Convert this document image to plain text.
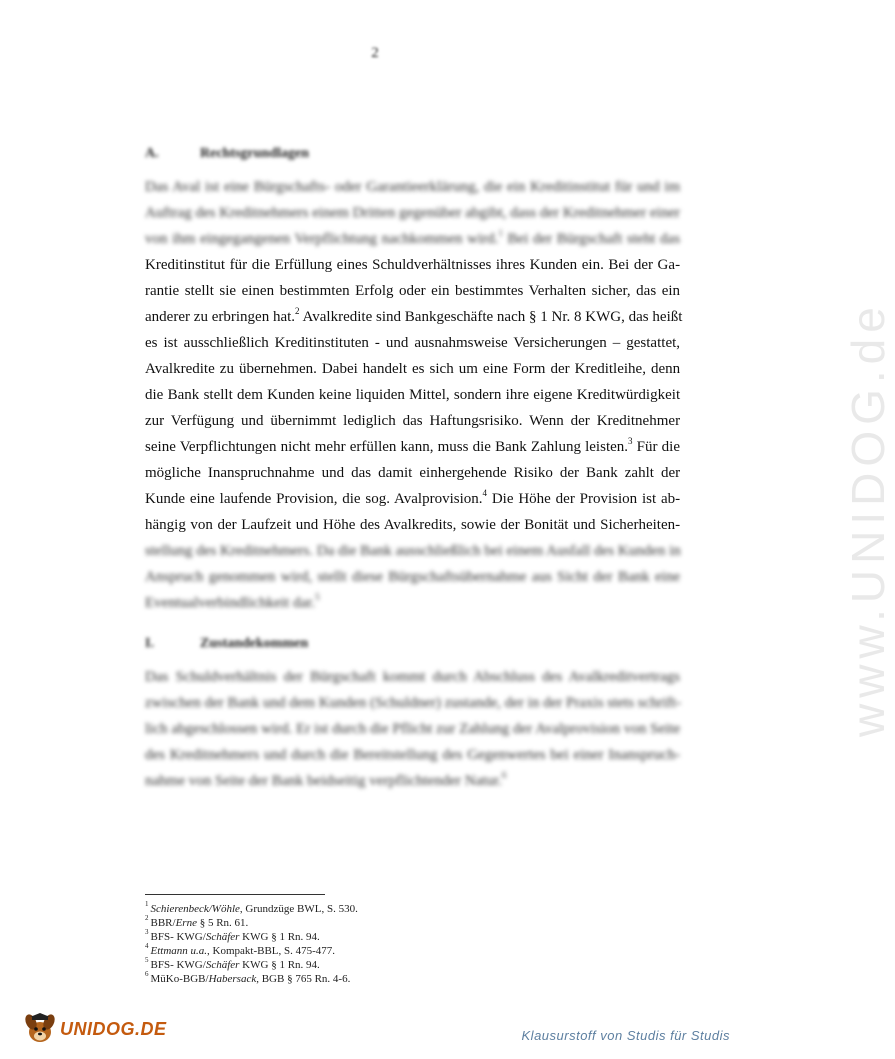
2
A.	Rechtsgrundlagen
Das Aval ist eine Bürgschafts- oder Garantieerklärung, die ein Kreditinstitut für und im
Auftrag des Kreditnehmers einem Dritten gegenüber abgibt, dass der Kreditnehmer einer
von ihm eingegangenen Verpflichtung nachkommen wird.$^1$ Bei der Bürgschaft steht das
Kreditinstitut für die Erfüllung eines Schuldverhältnisses ihres Kunden ein. Bei der Ga-
rantie stellt sie einen bestimmten Erfolg oder ein bestimmtes Verhalten sicher, das ein
anderer zu erbringen hat.$^2$ Avalkredite sind Bankgeschäfte nach § 1 Nr. 8 KWG, das heißt
es ist ausschließlich Kreditinstituten - und ausnahmsweise Versicherungen – gestattet,
Avalkredite zu übernehmen. Dabei handelt es sich um eine Form der Kreditleihe, denn
die Bank stellt dem Kunden keine liquiden Mittel, sondern ihre eigene Kreditwürdigkeit
zur Verfügung und übernimmt lediglich das Haftungsrisiko. Wenn der Kreditnehmer
seine Verpflichtungen nicht mehr erfüllen kann, muss die Bank Zahlung leisten.$^3$ Für die
mögliche Inanspruchnahme und das damit einhergehende Risiko der Bank zahlt der
Kunde eine laufende Provision, die sog. Avalprovision.$^4$ Die Höhe der Provision ist ab-
hängig von der Laufzeit und Höhe des Avalkredits, sowie der Bonität und Sicherheiten-
stellung des Kreditnehmers. Da die Bank ausschließlich bei einem Ausfall des Kunden in
Anspruch genommen wird, stellt diese Bürgschaftsübernahme aus Sicht der Bank eine
Eventualverbindlichkeit dar.$^5$
I.	Zustandekommen
Das Schuldverhältnis der Bürgschaft kommt durch Abschluss des Avalkreditvertrags
zwischen der Bank und dem Kunden (Schuldner) zustande, der in der Praxis stets schrift-
lich abgeschlossen wird. Er ist durch die Pflicht zur Zahlung der Avalprovision von Seite
des Kreditnehmers und durch die Bereitstellung des Gegenwertes bei einer Inanspruch-
nahme von Seite der Bank beidseitig verpflichtender Natur.$^6$
$^1$ Schierenbeck/Wöhle, Grundzüge BWL, S. 530.
$^2$ BBR/Erne § 5 Rn. 61.
$^3$ BFS- KWG/Schäfer KWG § 1 Rn. 94.
$^4$ Ettmann u.a., Kompakt-BBL, S. 475-477.
$^5$ BFS- KWG/Schäfer KWG § 1 Rn. 94.
$^6$ MüKo-BGB/Habersack, BGB § 765 Rn. 4-6.
www.UNIDOG.de
UNIDOG.DE	Klausurstoff von Studis für Studis
